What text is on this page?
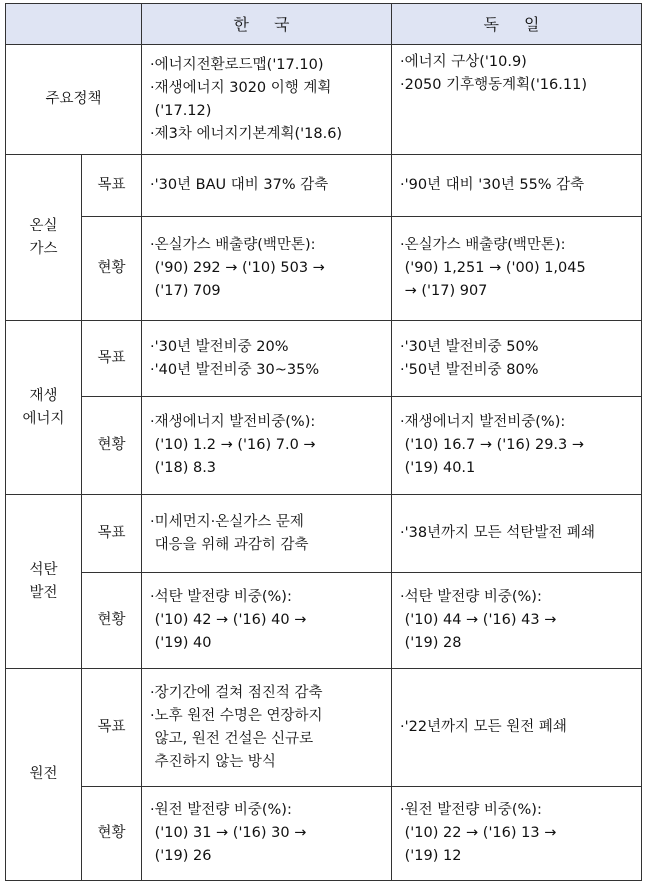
		한 국	독 일
주요정책		·에너지전환로드맵('17.10)
·재생에너지 3020 이행 계획
('17.12)
·제3차 에너지기본계획('18.6)	·에너지 구상('10.9)
·2050 기후행동계획('16.11)

온실
가스	목표	·'30년 BAU 대비 37% 감축	·'90년 대비 '30년 55% 감축

	현황	·온실가스 배출량(백만톤):
('90) 292 → ('10) 503 →
('17) 709	·온실가스 배출량(백만톤):
('90) 1,251 → ('00) 1,045
→ ('17) 907

재생
에너지	목표	·'30년 발전비중 20%
·'40년 발전비중 30~35%	·'30년 발전비중 50%
·'50년 발전비중 80%

	현황	·재생에너지 발전비중(%):
('10) 1.2 → ('16) 7.0 →
('18) 8.3	·재생에너지 발전비중(%):
('10) 16.7 → ('16) 29.3 →
('19) 40.1

석탄
발전	목표	·미세먼지·온실가스 문제
대응을 위해 과감히 감축	·'38년까지 모든 석탄발전 폐쇄

	현황	·석탄 발전량 비중(%):
('10) 42 → ('16) 40 →
('19) 40	·석탄 발전량 비중(%):
('10) 44 → ('16) 43 →
('19) 28

원전	목표	·장기간에 걸쳐 점진적 감축
·노후 원전 수명은 연장하지
않고, 원전 건설은 신규로
추진하지 않는 방식	·'22년까지 모든 원전 폐쇄

	현황	·원전 발전량 비중(%):
('10) 31 → ('16) 30 →
('19) 26	·원전 발전량 비중(%):
('10) 22 → ('16) 13 →
('19) 12
